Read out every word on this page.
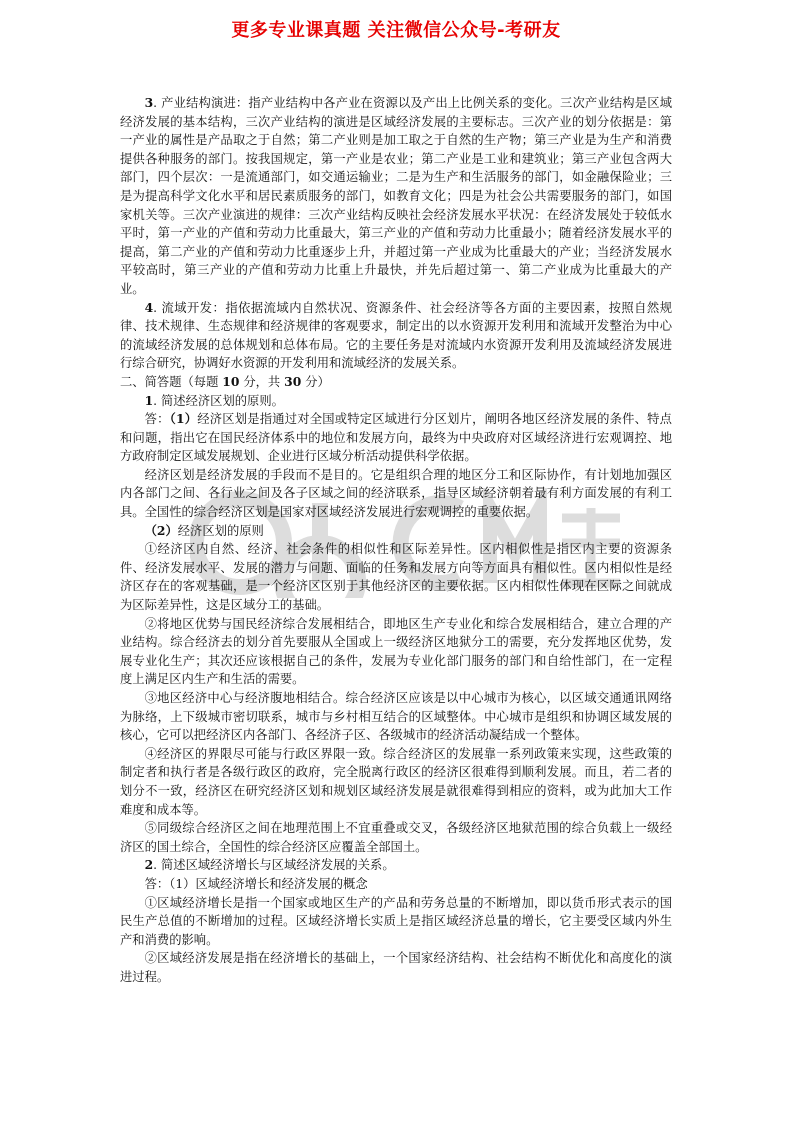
更多专业课真题 关注微信公众号-考研友

3. 产业结构演进：指产业结构中各产业在资源以及产出上比例关系的变化。三次产业结构是区域经济发展的基本结构，三次产业结构的演进是区域经济发展的主要标志。三次产业的划分依据是：第一产业的属性是产品取之于自然；第二产业则是加工取之于自然的生产物；第三产业是为生产和消费提供各种服务的部门。按我国规定，第一产业是农业；第二产业是工业和建筑业；第三产业包含两大部门，四个层次：一是流通部门，如交通运输业；二是为生产和生活服务的部门，如金融保险业；三是为提高科学文化水平和居民素质服务的部门，如教育文化；四是为社会公共需要服务的部门，如国家机关等。三次产业演进的规律：三次产业结构反映社会经济发展水平状况：在经济发展处于较低水平时，第一产业的产值和劳动力比重最大，第三产业的产值和劳动力比重最小；随着经济发展水平的提高，第二产业的产值和劳动力比重逐步上升，并超过第一产业成为比重最大的产业；当经济发展水平较高时，第三产业的产值和劳动力比重上升最快，并先后超过第一、第二产业成为比重最大的产业。

4. 流域开发：指依据流域内自然状况、资源条件、社会经济等各方面的主要因素，按照自然规律、技术规律、生态规律和经济规律的客观要求，制定出的以水资源开发利用和流域开发整治为中心的流域经济发展的总体规划和总体布局。它的主要任务是对流域内水资源开发利用及流域经济发展进行综合研究，协调好水资源的开发利用和流域经济的发展关系。

二、简答题（每题 10 分，共 30 分）

1. 简述经济区划的原则。

答：（1）经济区划是指通过对全国或特定区域进行分区划片，阐明各地区经济发展的条件、特点和问题，指出它在国民经济体系中的地位和发展方向，最终为中央政府对区域经济进行宏观调控、地方政府制定区域发展规划、企业进行区域分析活动提供科学依据。

经济区划是经济发展的手段而不是目的。它是组织合理的地区分工和区际协作，有计划地加强区内各部门之间、各行业之间及各子区域之间的经济联系，指导区域经济朝着最有利方面发展的有利工具。全国性的综合经济区划是国家对区域经济发展进行宏观调控的重要依据。

（2）经济区划的原则

①经济区内自然、经济、社会条件的相似性和区际差异性。区内相似性是指区内主要的资源条件、经济发展水平、发展的潜力与问题、面临的任务和发展方向等方面具有相似性。区内相似性是经济区存在的客观基础，是一个经济区区别于其他经济区的主要依据。区内相似性体现在区际之间就成为区际差异性，这是区域分工的基础。

②将地区优势与国民经济综合发展相结合，即地区生产专业化和综合发展相结合，建立合理的产业结构。综合经济去的划分首先要服从全国或上一级经济区地狱分工的需要，充分发挥地区优势，发展专业化生产；其次还应该根据自己的条件，发展为专业化部门服务的部门和自给性部门，在一定程度上满足区内生产和生活的需要。

③地区经济中心与经济腹地相结合。综合经济区应该是以中心城市为核心，以区域交通通讯网络为脉络，上下级城市密切联系，城市与乡村相互结合的区域整体。中心城市是组织和协调区域发展的核心，它可以把经济区内各部门、各经济子区、各级城市的经济活动凝结成一个整体。

④经济区的界限尽可能与行政区界限一致。综合经济区的发展靠一系列政策来实现，这些政策的制定者和执行者是各级行政区的政府，完全脱离行政区的经济区很难得到顺利发展。而且，若二者的划分不一致，经济区在研究经济区划和规划区域经济发展是就很难得到相应的资料，或为此加大工作难度和成本等。

⑤同级综合经济区之间在地理范围上不宜重叠或交叉，各级经济区地狱范围的综合负载上一级经济区的国土综合，全国性的综合经济区应覆盖全部国土。

2. 简述区域经济增长与区域经济发展的关系。

答：（1）区域经济增长和经济发展的概念

①区域经济增长是指一个国家或地区生产的产品和劳务总量的不断增加，即以货币形式表示的国民生产总值的不断增加的过程。区域经济增长实质上是指区域经济总量的增长，它主要受区域内外生产和消费的影响。

②区域经济发展是指在经济增长的基础上，一个国家经济结构、社会结构不断优化和高度化的演进过程。
